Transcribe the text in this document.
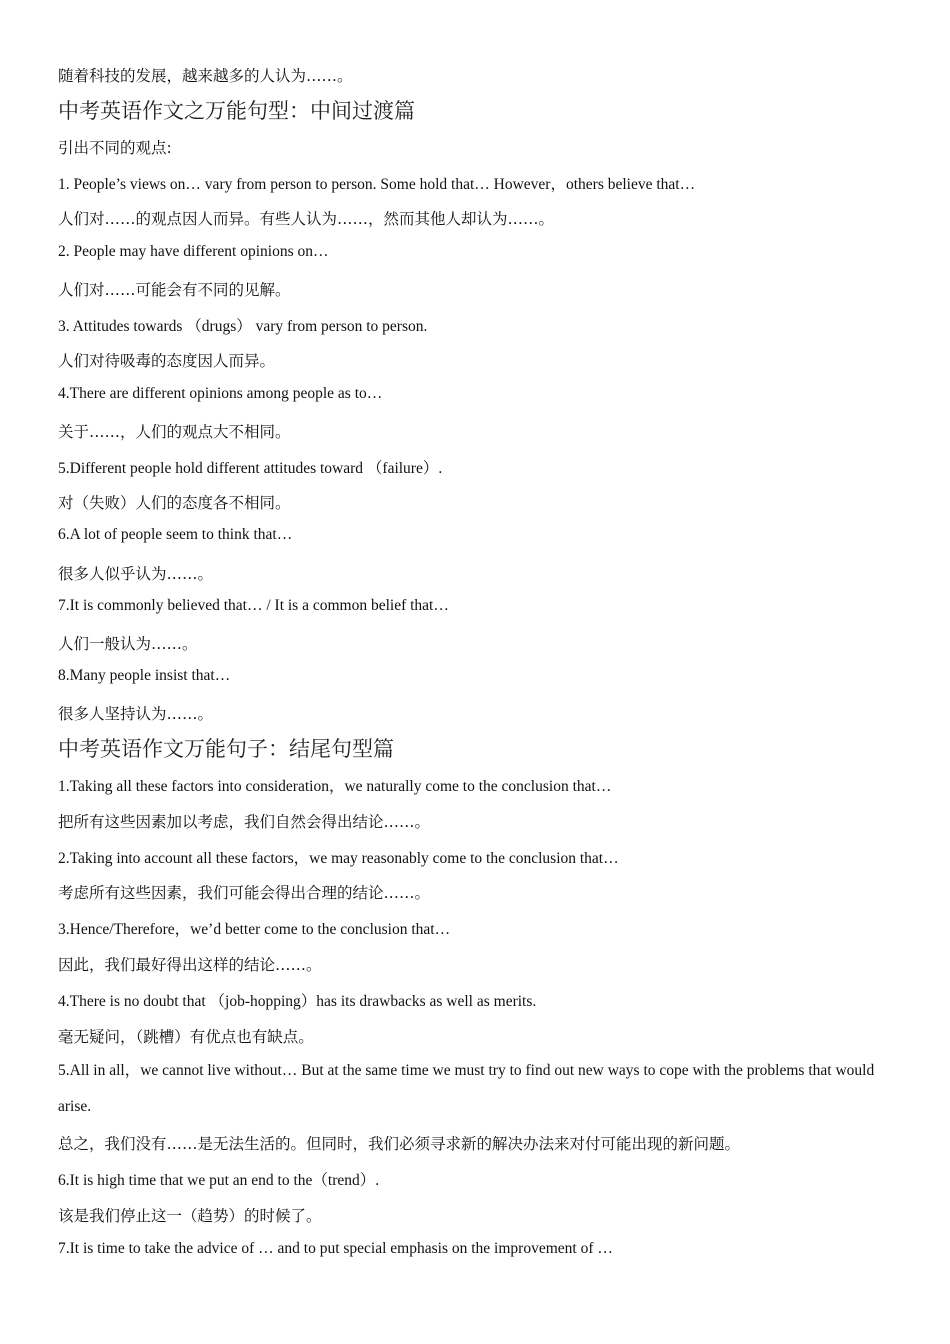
随着科技的发展，越来越多的人认为……。

中考英语作文之万能句型：中间过渡篇

引出不同的观点:

1. People’s views on… vary from person to person. Some hold that… However，others believe that…

人们对……的观点因人而异。有些人认为……，然而其他人却认为……。

2. People may have different opinions on…

人们对……可能会有不同的见解。

3. Attitudes towards （drugs） vary from person to person.

人们对待吸毒的态度因人而异。

4.There are different opinions among people as to…

关于……，人们的观点大不相同。

5.Different people hold different attitudes toward （failure）.

对（失败）人们的态度各不相同。

6.A lot of people seem to think that…

很多人似乎认为……。

7.It is commonly believed that… / It is a common belief that…

人们一般认为……。

8.Many people insist that…

很多人坚持认为……。

中考英语作文万能句子：结尾句型篇

1.Taking all these factors into consideration，we naturally come to the conclusion that…

把所有这些因素加以考虑，我们自然会得出结论……。

2.Taking into account all these factors，we may reasonably come to the conclusion that…

考虑所有这些因素，我们可能会得出合理的结论……。

3.Hence/Therefore，we’d better come to the conclusion that…

因此，我们最好得出这样的结论……。

4.There is no doubt that （job-hopping）has its drawbacks as well as merits.

毫无疑问，（跳槽）有优点也有缺点。

5.All in all，we cannot live without… But at the same time we must try to find out new ways to cope with the problems that would arise.

总之，我们没有……是无法生活的。但同时，我们必须寻求新的解决办法来对付可能出现的新问题。

6.It is high time that we put an end to the（trend）.

该是我们停止这一（趋势）的时候了。

7.It is time to take the advice of … and to put special emphasis on the improvement of …
